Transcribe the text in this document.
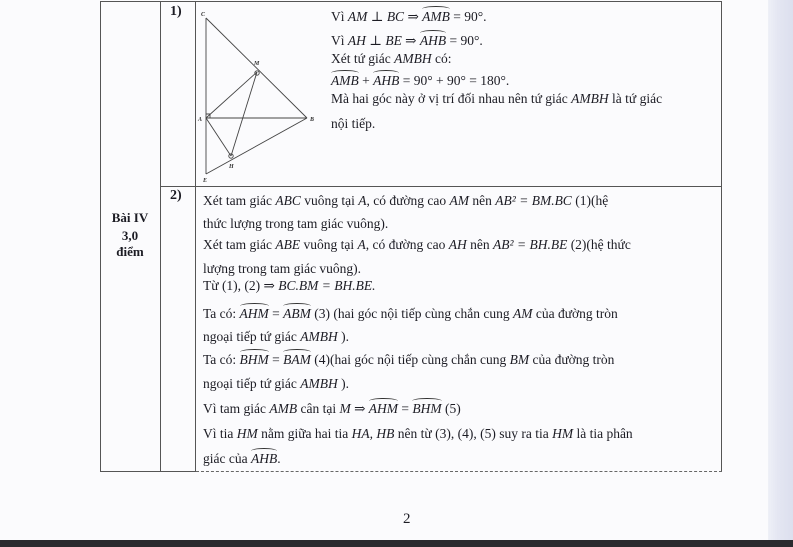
Bài IV
3,0
điểm
1)
2)
C
M
A	B
H
E
Vì AM ⊥ BC ⇒ AMB = 90°.
Vì AH ⊥ BE ⇒ AHB = 90°.
Xét tứ giác AMBH có:
AMB + AHB = 90° + 90° = 180°.
Mà hai góc này ở vị trí đối nhau nên tứ giác AMBH là tứ giác
nội tiếp.
Xét tam giác ABC vuông tại A, có đường cao AM nên AB² = BM.BC (1)(hệ
thức lượng trong tam giác vuông).
Xét tam giác ABE vuông tại A, có đường cao AH nên AB² = BH.BE (2)(hệ thức
lượng trong tam giác vuông).
Từ (1), (2) ⇒ BC.BM = BH.BE.
Ta có: AHM = ABM (3) (hai góc nội tiếp cùng chắn cung AM của đường tròn
ngoại tiếp tứ giác AMBH ).
Ta có: BHM = BAM (4)(hai góc nội tiếp cùng chắn cung BM của đường tròn
ngoại tiếp tứ giác AMBH ).
Vì tam giác AMB cân tại M ⇒ AHM = BHM (5)
Vì tia HM nằm giữa hai tia HA, HB nên từ (3), (4), (5) suy ra tia HM là tia phân
giác của AHB.
2
